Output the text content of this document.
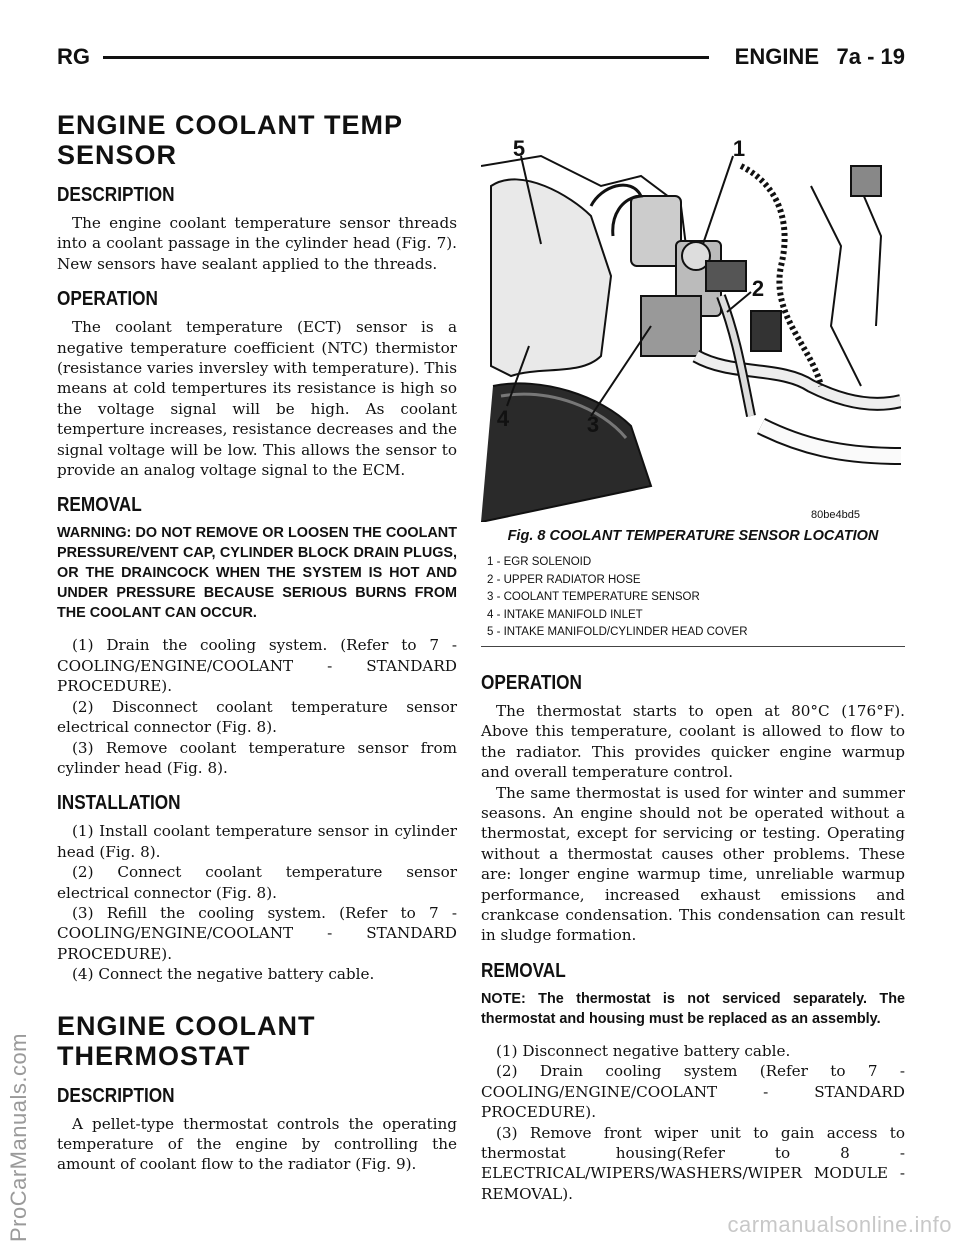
RG	ENGINE 7a - 19
ENGINE COOLANT TEMP SENSOR
DESCRIPTION

The engine coolant temperature sensor threads into a coolant passage in the cylinder head (Fig. 7). New sensors have sealant applied to the threads.

OPERATION

The coolant temperature (ECT) sensor is a negative temperature coefficient (NTC) thermistor (resistance varies inversley with temperature). This means at cold tempertures its resistance is high so the voltage signal will be high. As coolant temperture increases, resistance decreases and the signal voltage will be low. This allows the sensor to provide an analog voltage signal to the ECM.

REMOVAL

WARNING: DO NOT REMOVE OR LOOSEN THE COOLANT PRESSURE/VENT CAP, CYLINDER BLOCK DRAIN PLUGS, OR THE DRAINCOCK WHEN THE SYSTEM IS HOT AND UNDER PRESSURE BECAUSE SERIOUS BURNS FROM THE COOLANT CAN OCCUR.

(1) Drain the cooling system. (Refer to 7 - COOLING/ENGINE/COOLANT - STANDARD PROCEDURE).

(2) Disconnect coolant temperature sensor electrical connector (Fig. 8).

(3) Remove coolant temperature sensor from cylinder head (Fig. 8).

INSTALLATION

(1) Install coolant temperature sensor in cylinder head (Fig. 8).

(2) Connect coolant temperature sensor electrical connector (Fig. 8).

(3) Refill the cooling system. (Refer to 7 - COOLING/ENGINE/COOLANT - STANDARD PROCEDURE).

(4) Connect the negative battery cable.

ENGINE COOLANT THERMOSTAT
DESCRIPTION

A pellet-type thermostat controls the operating temperature of the engine by controlling the amount of coolant flow to the radiator (Fig. 9).

5	1
2
3
4
80be4bd5
Fig. 8 COOLANT TEMPERATURE SENSOR LOCATION
1 - EGR SOLENOID
2 - UPPER RADIATOR HOSE
3 - COOLANT TEMPERATURE SENSOR
4 - INTAKE MANIFOLD INLET
5 - INTAKE MANIFOLD/CYLINDER HEAD COVER
OPERATION

The thermostat starts to open at 80°C (176°F). Above this temperature, coolant is allowed to flow to the radiator. This provides quicker engine warmup and overall temperature control.

The same thermostat is used for winter and summer seasons. An engine should not be operated without a thermostat, except for servicing or testing. Operating without a thermostat causes other problems. These are: longer engine warmup time, unreliable warmup performance, increased exhaust emissions and crankcase condensation. This condensation can result in sludge formation.

REMOVAL

NOTE: The thermostat is not serviced separately. The thermostat and housing must be replaced as an assembly.

(1) Disconnect negative battery cable.

(2) Drain cooling system (Refer to 7 - COOLING/ENGINE/COOLANT - STANDARD PROCEDURE).

(3) Remove front wiper unit to gain access to thermostat housing(Refer to 8 - ELECTRICAL/WIPERS/WASHERS/WIPER MODULE - REMOVAL).

ProCarManuals.com	carmanualsonline.info
